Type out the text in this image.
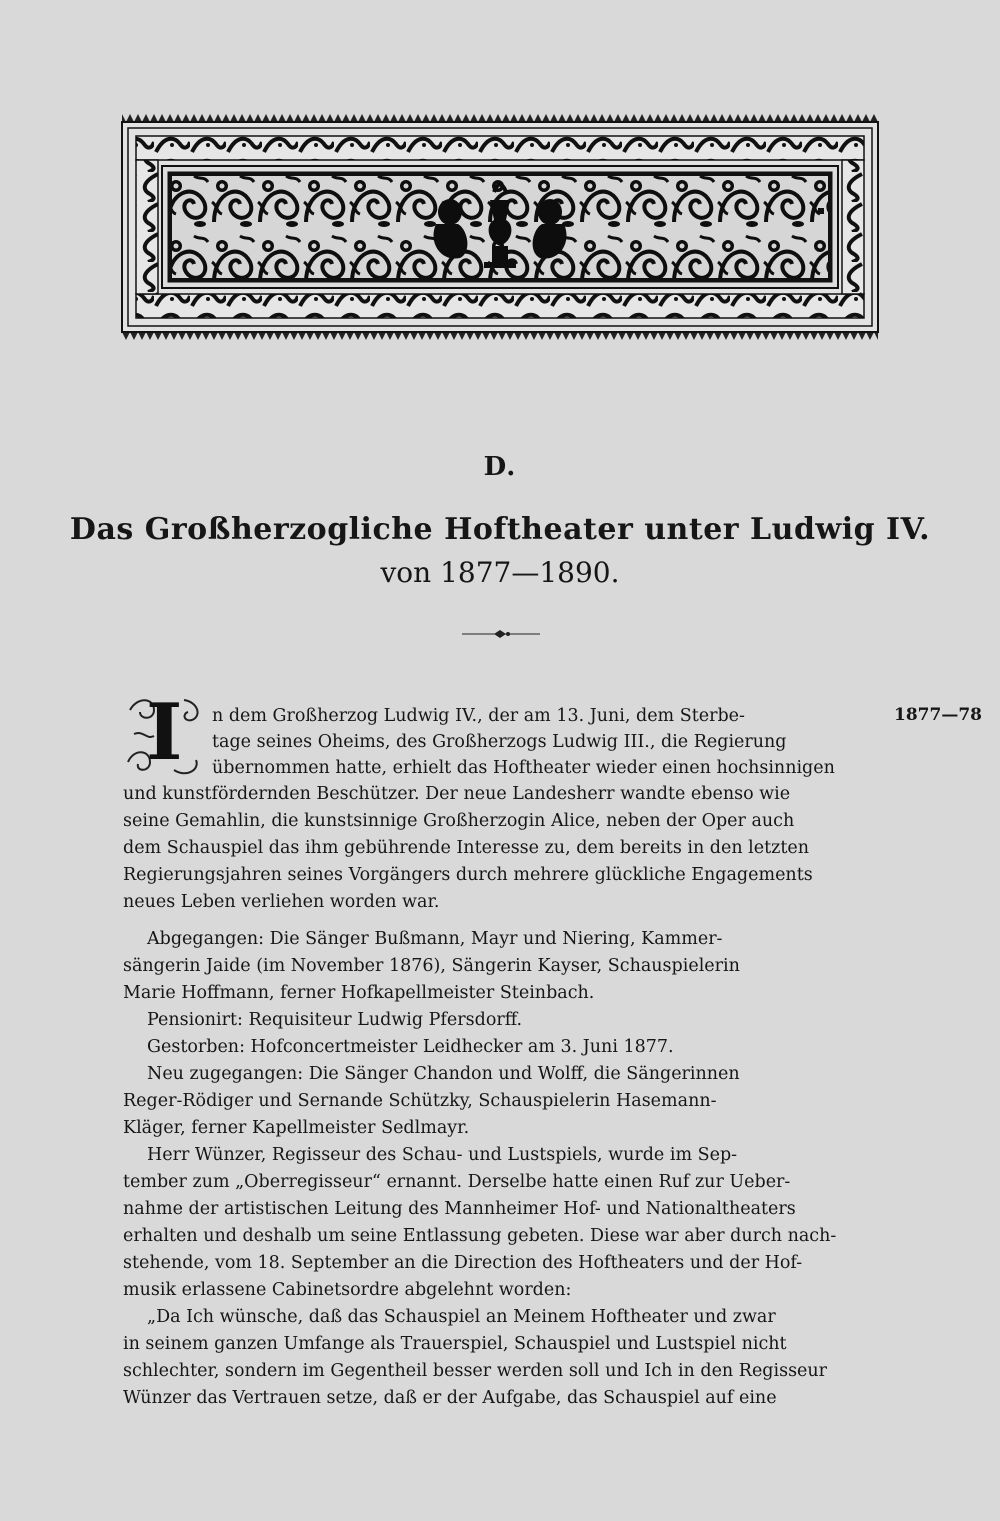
D.
Das Großherzogliche Hoftheater unter Ludwig IV.
von 1877—1890.
I	1877—78
n dem Großherzog Ludwig IV., der am 13. Juni, dem Sterbe-
tage seines Oheims, des Großherzogs Ludwig III., die Regierung
übernommen hatte, erhielt das Hoftheater wieder einen hochsinnigen
und kunstfördernden Beschützer. Der neue Landesherr wandte ebenso wie
seine Gemahlin, die kunstsinnige Großherzogin Alice, neben der Oper auch
dem Schauspiel das ihm gebührende Interesse zu, dem bereits in den letzten
Regierungsjahren seines Vorgängers durch mehrere glückliche Engagements
neues Leben verliehen worden war.
Abgegangen: Die Sänger Bußmann, Mayr und Niering, Kammer-
sängerin Jaide (im November 1876), Sängerin Kayser, Schauspielerin
Marie Hoffmann, ferner Hofkapellmeister Steinbach.
Pensionirt: Requisiteur Ludwig Pfersdorff.
Gestorben: Hofconcertmeister Leidhecker am 3. Juni 1877.
Neu zugegangen: Die Sänger Chandon und Wolff, die Sängerinnen
Reger-Rödiger und Sernande Schützky, Schauspielerin Hasemann-
Kläger, ferner Kapellmeister Sedlmayr.
Herr Wünzer, Regisseur des Schau- und Lustspiels, wurde im Sep-
tember zum „Oberregisseur“ ernannt. Derselbe hatte einen Ruf zur Ueber-
nahme der artistischen Leitung des Mannheimer Hof- und Nationaltheaters
erhalten und deshalb um seine Entlassung gebeten. Diese war aber durch nach-
stehende, vom 18. September an die Direction des Hoftheaters und der Hof-
musik erlassene Cabinetsordre abgelehnt worden:
„Da Ich wünsche, daß das Schauspiel an Meinem Hoftheater und zwar
in seinem ganzen Umfange als Trauerspiel, Schauspiel und Lustspiel nicht
schlechter, sondern im Gegentheil besser werden soll und Ich in den Regisseur
Wünzer das Vertrauen setze, daß er der Aufgabe, das Schauspiel auf eine
